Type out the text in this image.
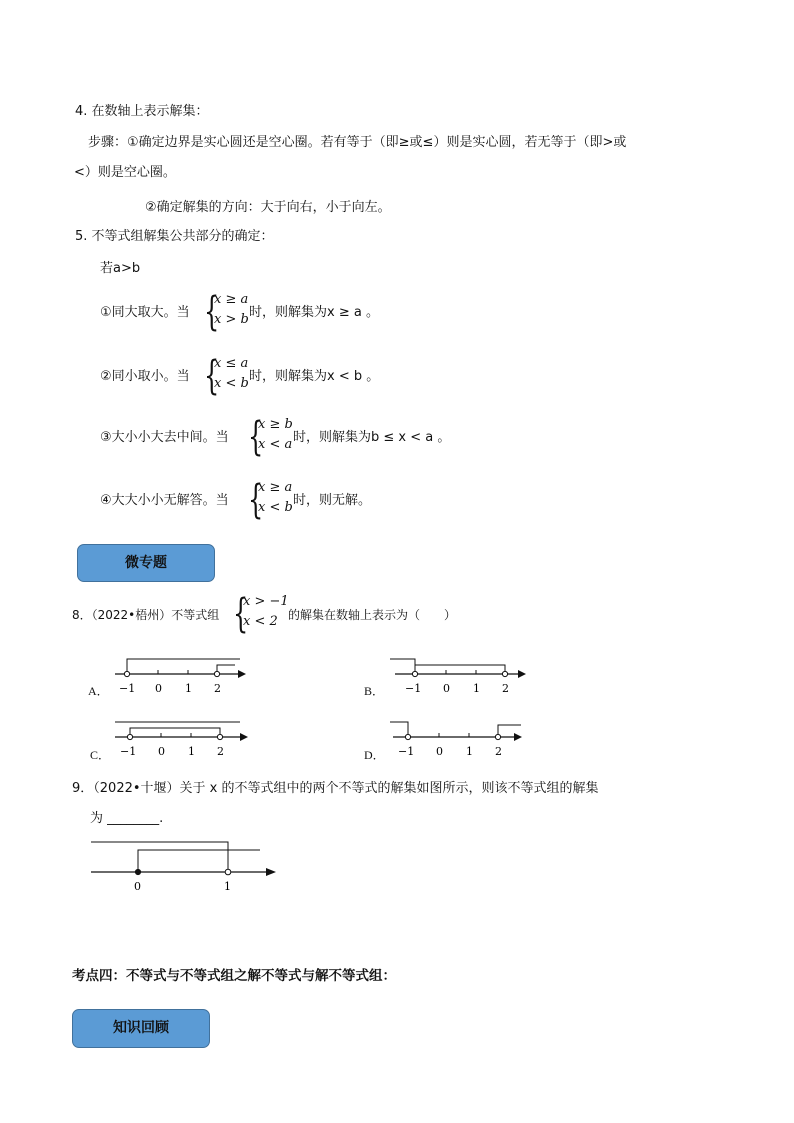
4. 在数轴上表示解集：
步骤：①确定边界是实心圆还是空心圈。若有等于（即≥或≤）则是实心圆，若无等于（即>或
<）则是空心圈。
②确定解集的方向：大于向右，小于向左。
5. 不等式组解集公共部分的确定：
若a>b
①同大取大。当 {
x ≥ a
x > b 时，则解集为x ≥ a 。
②同小取小。当 {
x ≤ a
x < b 时，则解集为x < b 。
③大小小大去中间。当 {
x ≥ b
x < a 时，则解集为b ≤ x < a 。
④大大小小无解答。当 {
x ≥ a
x < b 时，则无解。
微专题
8．（2022•梧州）不等式组 {
x > −1
x < 2 的解集在数轴上表示为（　　）
A． −1 0 1 2	B． −1 0 1 2
C． −1 0 1 2	D． −1 0 1 2
9．（2022•十堰）关于 x 的不等式组中的两个不等式的解集如图所示，则该不等式组的解集
为 ________.
0	1
考点四：不等式与不等式组之解不等式与解不等式组：
知识回顾
